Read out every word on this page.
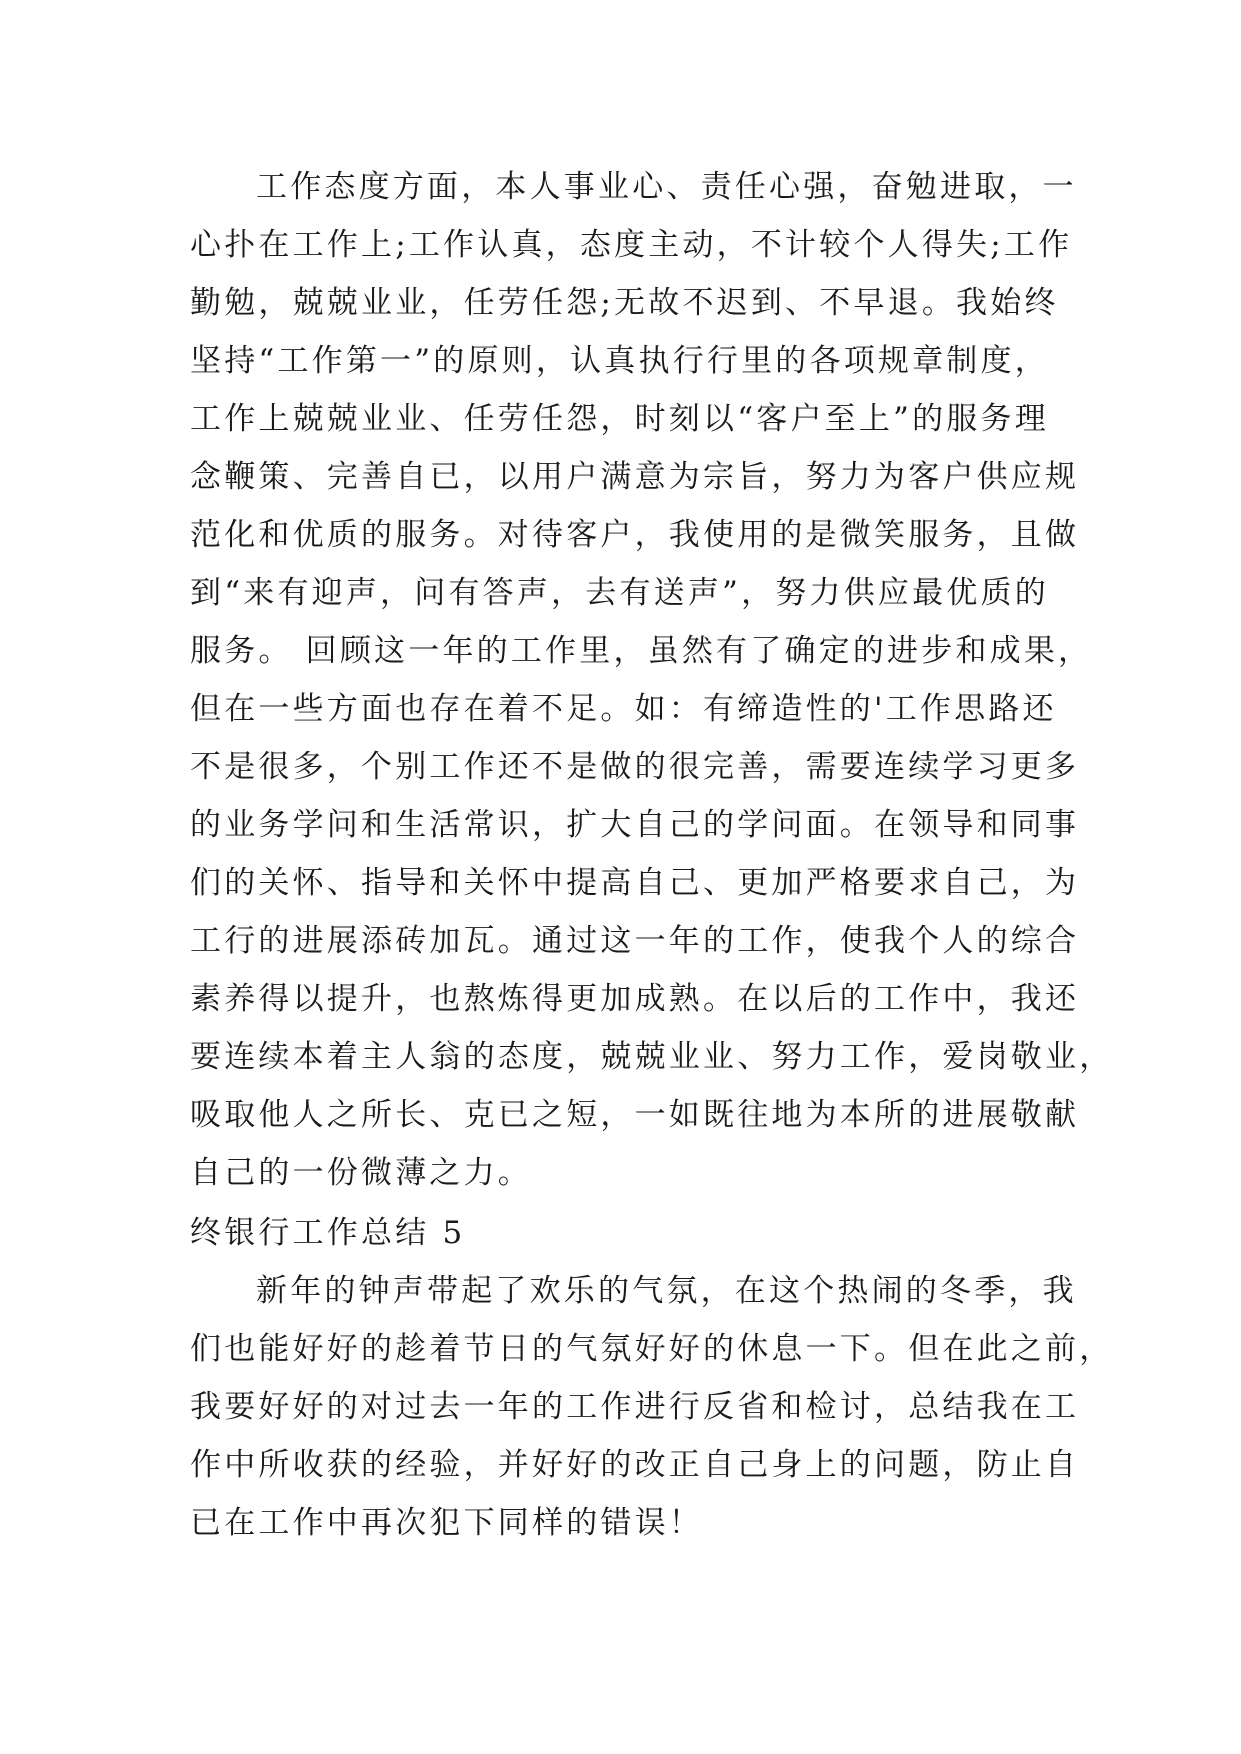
工作态度方面，本人事业心、责任心强，奋勉进取，一
心扑在工作上;工作认真，态度主动，不计较个人得失;工作
勤勉，兢兢业业，任劳任怨;无故不迟到、不早退。我始终
坚持“工作第一”的原则，认真执行行里的各项规章制度，
工作上兢兢业业、任劳任怨，时刻以“客户至上”的服务理
念鞭策、完善自已，以用户满意为宗旨，努力为客户供应规
范化和优质的服务。对待客户，我使用的是微笑服务，且做
到“来有迎声，问有答声，去有送声”，努力供应最优质的
服务。 回顾这一年的工作里，虽然有了确定的进步和成果，
但在一些方面也存在着不足。如：有缔造性的'工作思路还
不是很多，个别工作还不是做的很完善，需要连续学习更多
的业务学问和生活常识，扩大自己的学问面。在领导和同事
们的关怀、指导和关怀中提高自己、更加严格要求自己，为
工行的进展添砖加瓦。通过这一年的工作，使我个人的综合
素养得以提升，也熬炼得更加成熟。在以后的工作中，我还
要连续本着主人翁的态度，兢兢业业、努力工作，爱岗敬业，
吸取他人之所长、克已之短，一如既往地为本所的进展敬献
自己的一份微薄之力。
终银行工作总结 5
新年的钟声带起了欢乐的气氛，在这个热闹的冬季，我
们也能好好的趁着节日的气氛好好的休息一下。但在此之前，
我要好好的对过去一年的工作进行反省和检讨，总结我在工
作中所收获的经验，并好好的改正自己身上的问题，防止自
已在工作中再次犯下同样的错误！
